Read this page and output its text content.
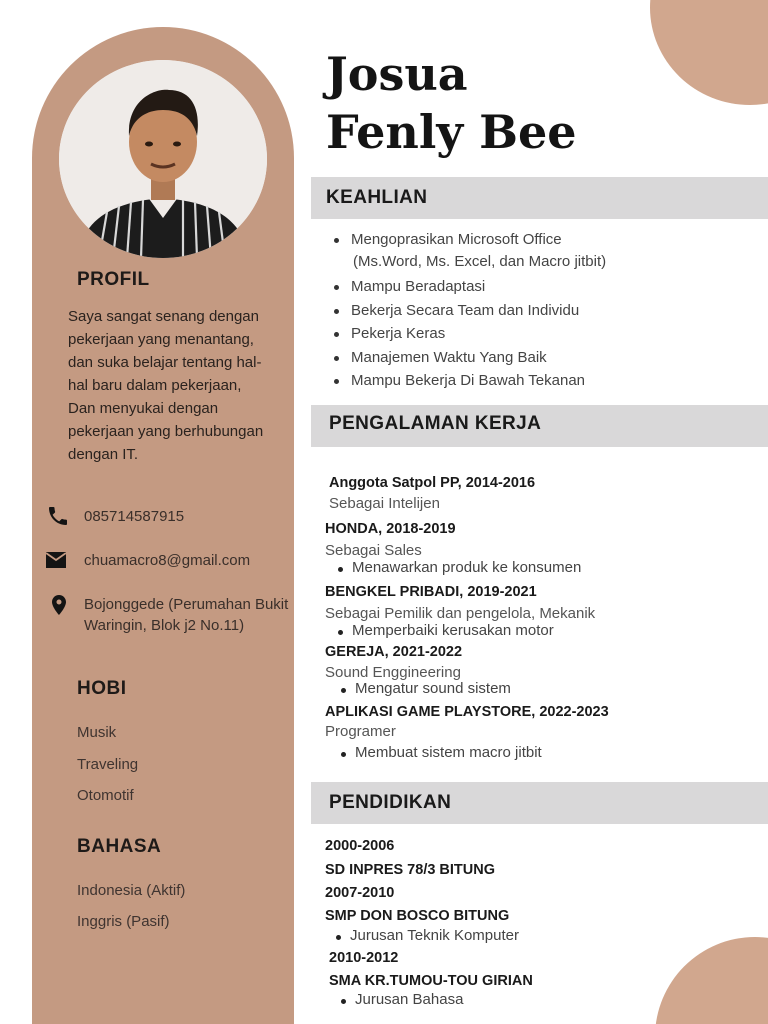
PROFIL
Saya sangat senang dengan pekerjaan yang menantang, dan suka belajar tentang hal-hal baru dalam pekerjaan, Dan menyukai dengan pekerjaan yang berhubungan dengan IT.
085714587915
chuamacro8@gmail.com
Bojonggede (Perumahan Bukit Waringin, Blok j2 No.11)
HOBI
Musik
Traveling
Otomotif
BAHASA
Indonesia (Aktif)
Inggris (Pasif)
Josua
Fenly Bee
KEAHLIAN
Mengoprasikan Microsoft Office
Mampu Beradaptasi
Bekerja Secara Team dan Individu
Pekerja Keras
Manajemen Waktu Yang Baik
Mampu Bekerja Di Bawah Tekanan
(Ms.Word, Ms. Excel, dan Macro jitbit)
PENGALAMAN KERJA
Anggota Satpol PP, 2014-2016
Sebagai Intelijen
HONDA, 2018-2019
Sebagai Sales
Menawarkan produk ke konsumen
BENGKEL PRIBADI, 2019-2021
Sebagai Pemilik dan pengelola, Mekanik
Memperbaiki kerusakan motor
GEREJA, 2021-2022
Sound Enggineering
Mengatur sound sistem
APLIKASI GAME PLAYSTORE, 2022-2023
Programer
Membuat sistem macro jitbit
PENDIDIKAN
2000-2006
SD INPRES 78/3 BITUNG
2007-2010
SMP DON BOSCO BITUNG
Jurusan Teknik Komputer
2010-2012
SMA KR.TUMOU-TOU GIRIAN
Jurusan Bahasa
